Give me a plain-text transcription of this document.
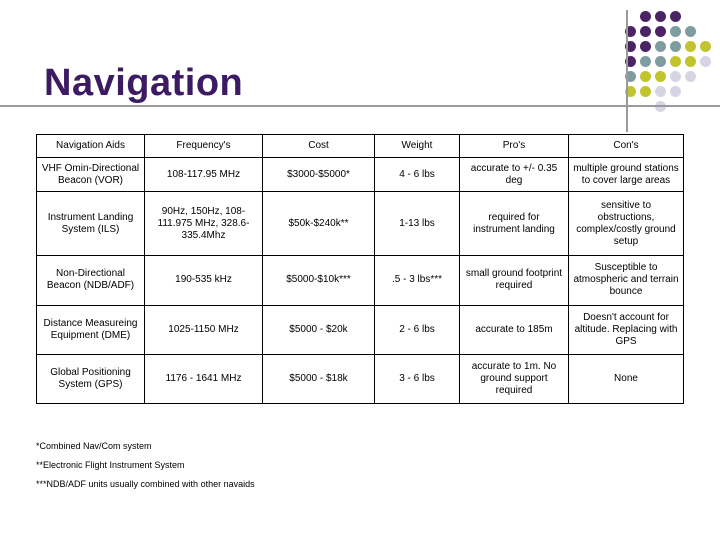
Navigation
Navigation Aids	Frequency's	Cost	Weight	Pro's	Con's
VHF Omin-Directional Beacon (VOR)	108-117.95 MHz	$3000-$5000*	4 - 6 lbs	accurate to +/- 0.35 deg	multiple ground stations to cover large areas
Instrument Landing System (ILS)	90Hz, 150Hz, 108-111.975 MHz, 328.6-335.4Mhz	$50k-$240k**	1-13 lbs	required for instrument landing	sensitive to obstructions, complex/costly ground setup
Non-Directional Beacon (NDB/ADF)	190-535 kHz	$5000-$10k***	.5 - 3 lbs***	small ground footprint required	Susceptible to atmospheric and terrain bounce
Distance Measureing Equipment (DME)	1025-1150 MHz	$5000 - $20k	2 - 6 lbs	accurate to 185m	Doesn't account for altitude. Replacing with GPS
Global Positioning System (GPS)	1176 - 1641 MHz	$5000 - $18k	3 - 6 lbs	accurate to 1m. No ground support required	None
*Combined Nav/Com system
**Electronic Flight Instrument System
***NDB/ADF units usually combined with other navaids
